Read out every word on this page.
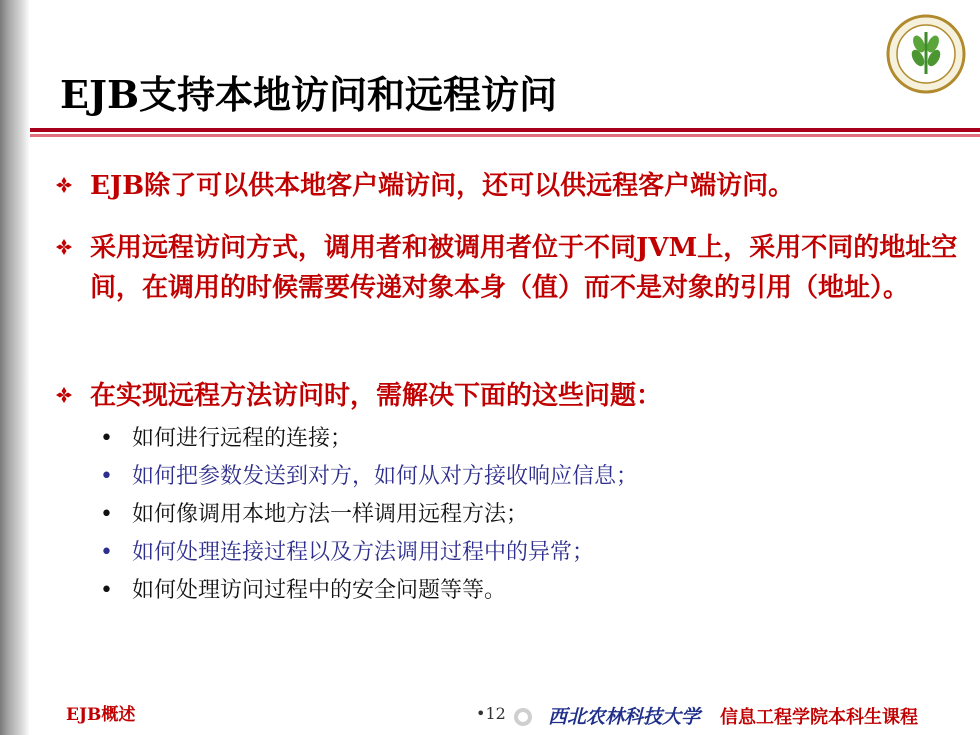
EJB支持本地访问和远程访问
EJB除了可以供本地客户端访问，还可以供远程客户端访问。
采用远程访问方式，调用者和被调用者位于不同JVM上，采用不同的地址空间，在调用的时候需要传递对象本身（值）而不是对象的引用（地址）。
在实现远程方法访问时，需解决下面的这些问题：
• 如何进行远程的连接；
• 如何把参数发送到对方，如何从对方接收响应信息；
• 如何像调用本地方法一样调用远程方法；
• 如何处理连接过程以及方法调用过程中的异常；
• 如何处理访问过程中的安全问题等等。
EJB概述	•12 西北农林科技大学 信息工程学院本科生课程
